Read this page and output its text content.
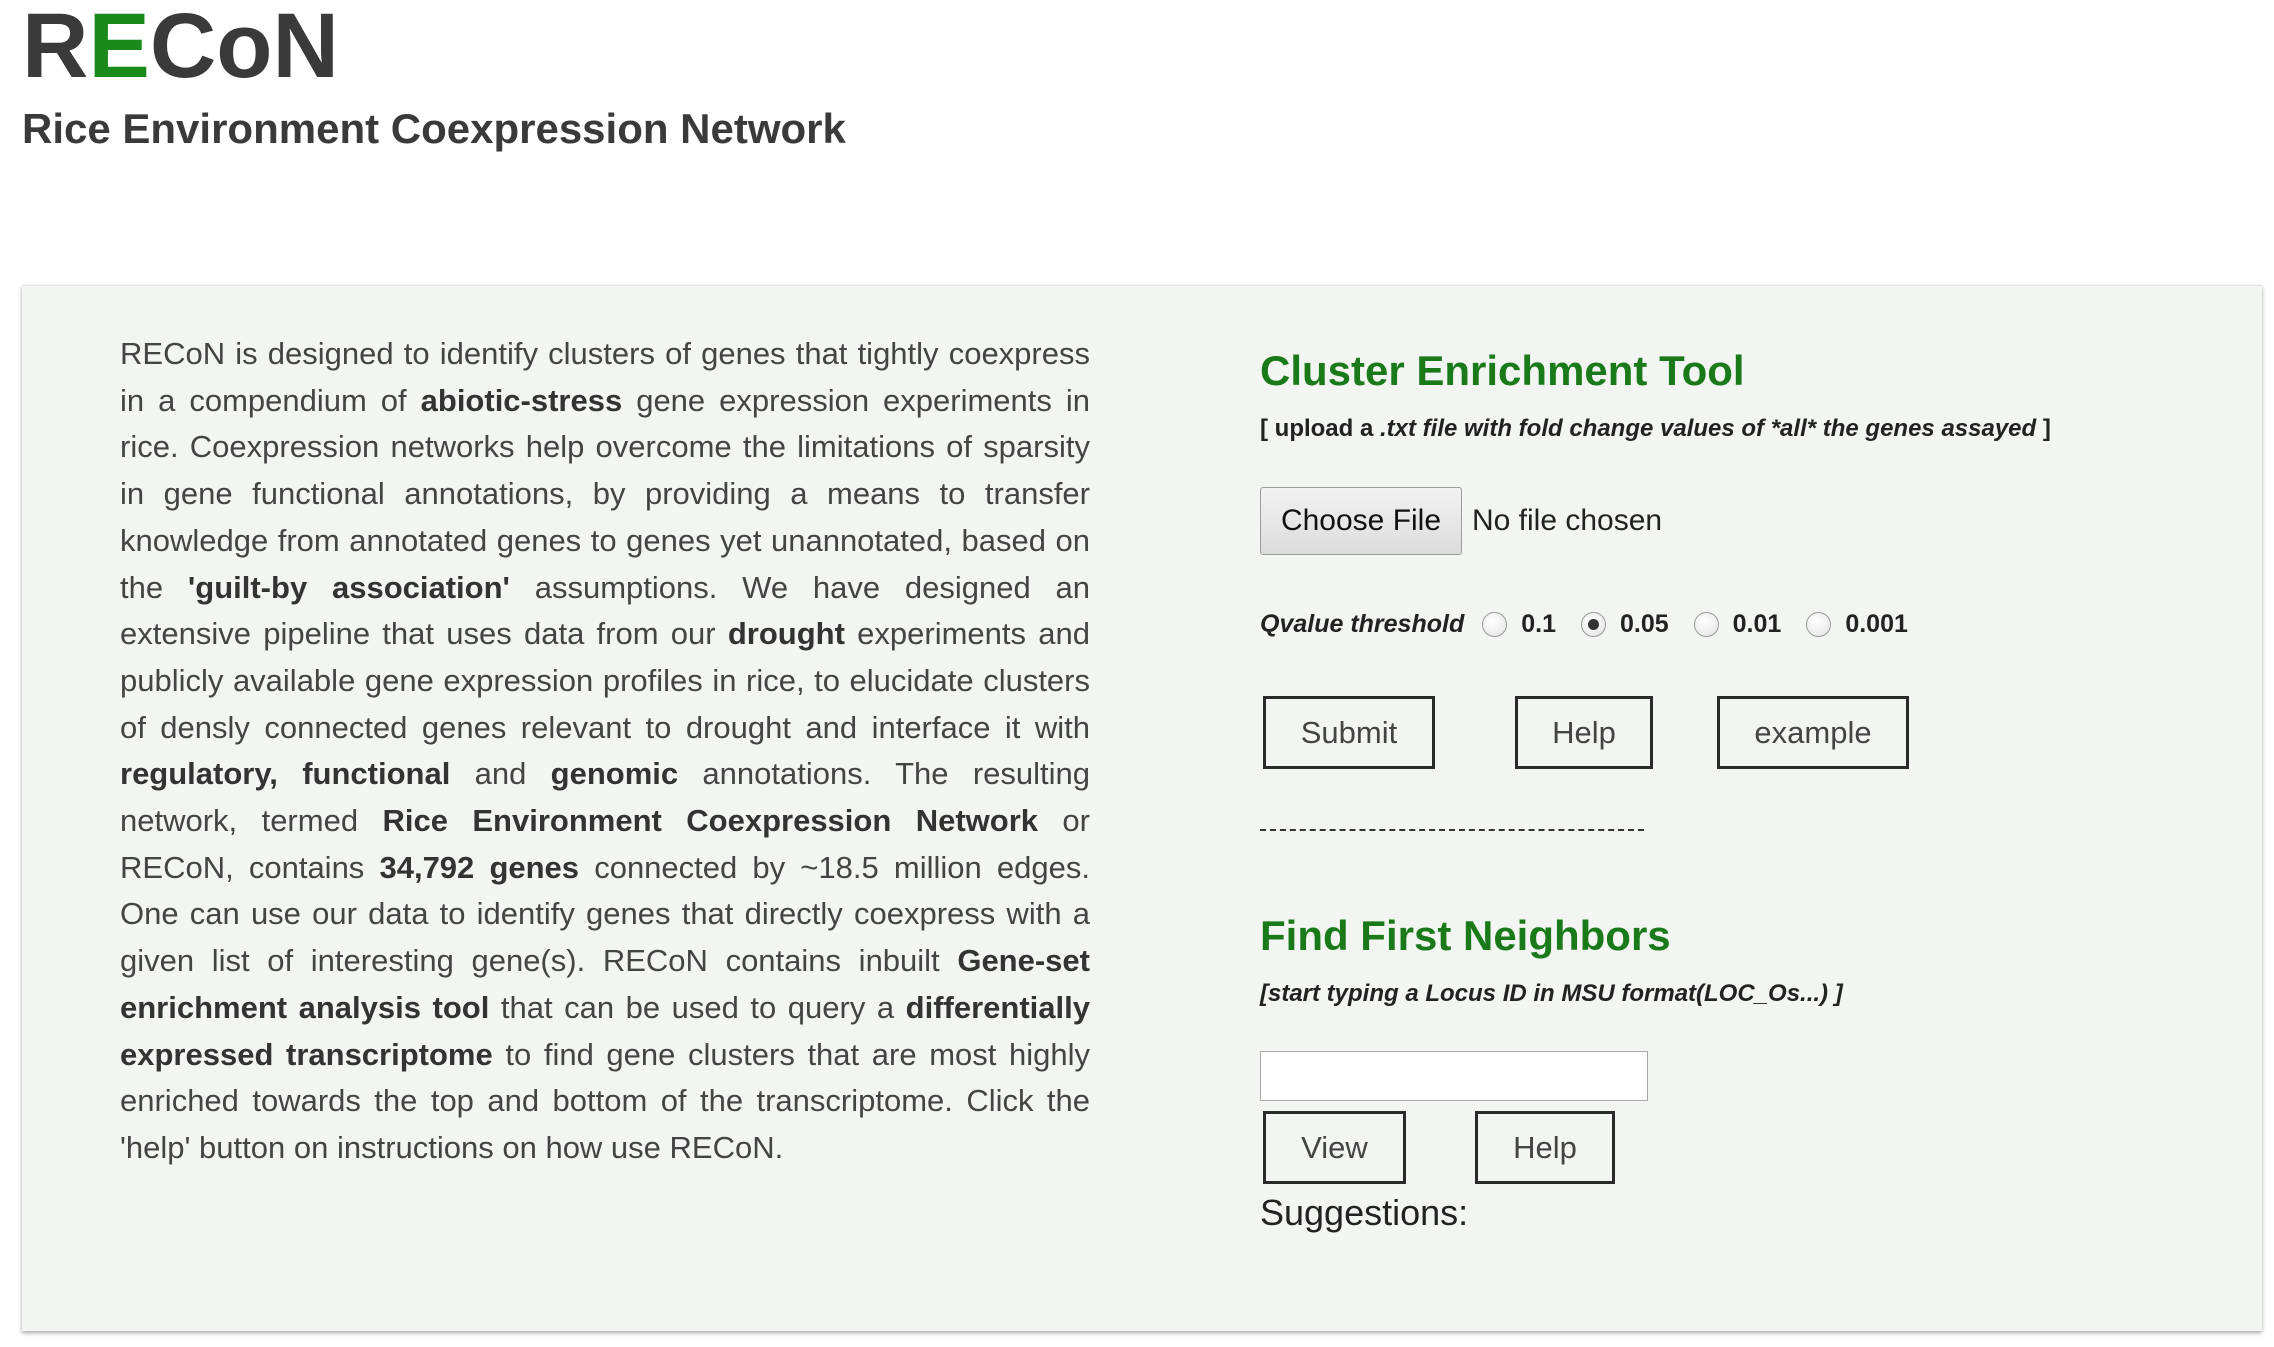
RECoN
Rice Environment Coexpression Network
RECoN is designed to identify clusters of genes that tightly coexpress in a compendium of abiotic-stress gene expression experiments in rice. Coexpression networks help overcome the limitations of sparsity in gene functional annotations, by providing a means to transfer knowledge from annotated genes to genes yet unannotated, based on the 'guilt-by association' assumptions. We have designed an extensive pipeline that uses data from our drought experiments and publicly available gene expression profiles in rice, to elucidate clusters of densly connected genes relevant to drought and interface it with regulatory, functional and genomic annotations. The resulting network, termed Rice Environment Coexpression Network or RECoN, contains 34,792 genes connected by ~18.5 million edges. One can use our data to identify genes that directly coexpress with a given list of interesting gene(s). RECoN contains inbuilt Gene-set enrichment analysis tool that can be used to query a differentially expressed transcriptome to find gene clusters that are most highly enriched towards the top and bottom of the transcriptome. Click the 'help' button on instructions on how use RECoN.
Cluster Enrichment Tool
[ upload a .txt file with fold change values of *all* the genes assayed ]
Choose File	No file chosen
Qvalue threshold 0.1	0.05	0.01	0.001
Submit	Help	example
Find First Neighbors
[start typing a Locus ID in MSU format(LOC_Os...) ]
View	Help
Suggestions:
